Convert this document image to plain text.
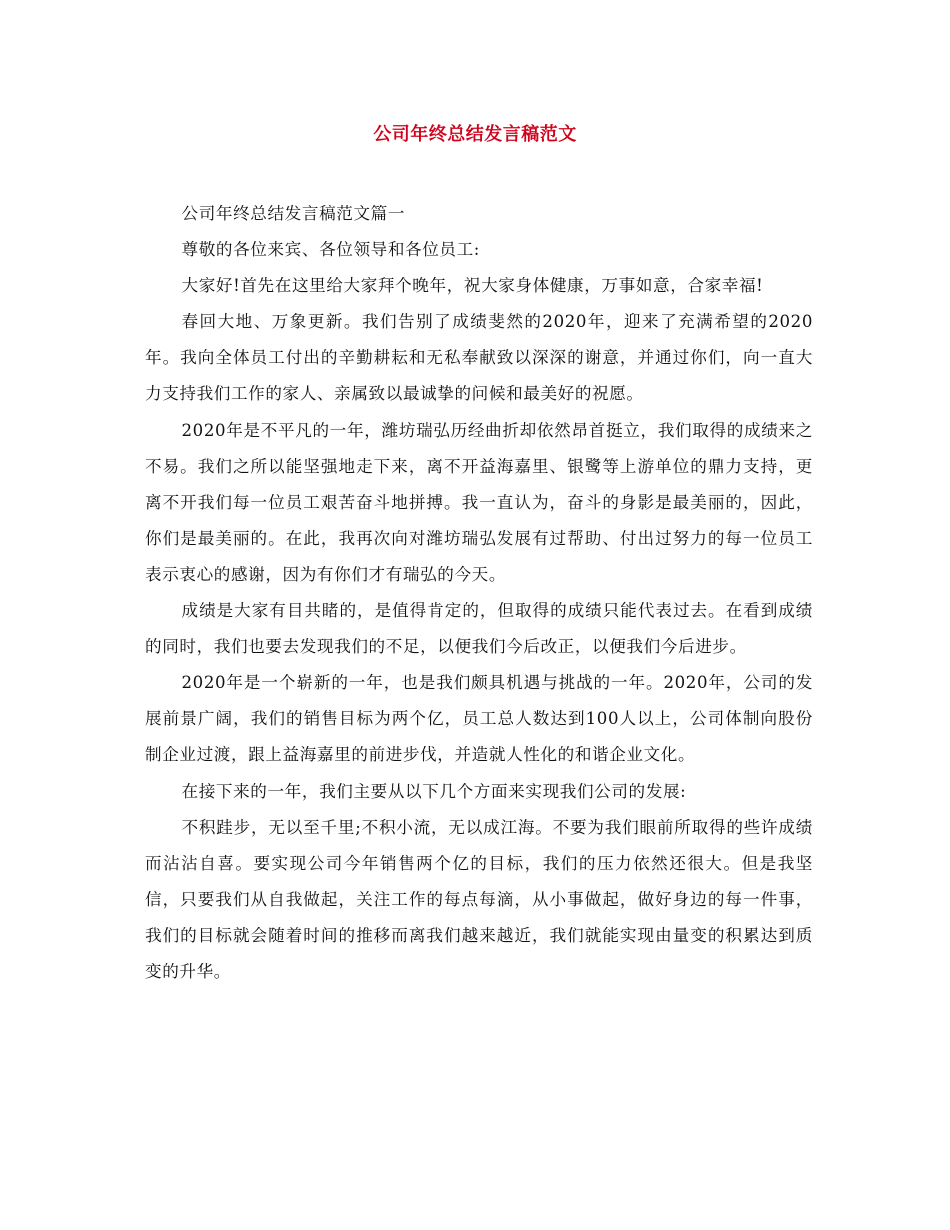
公司年终总结发言稿范文

公司年终总结发言稿范文篇一

尊敬的各位来宾、各位领导和各位员工:

大家好!首先在这里给大家拜个晚年，祝大家身体健康，万事如意，合家幸福!

春回大地、万象更新。我们告别了成绩斐然的2020年，迎来了充满希望的2020年。我向全体员工付出的辛勤耕耘和无私奉献致以深深的谢意，并通过你们，向一直大力支持我们工作的家人、亲属致以最诚挚的问候和最美好的祝愿。

2020年是不平凡的一年，潍坊瑞弘历经曲折却依然昂首挺立，我们取得的成绩来之不易。我们之所以能坚强地走下来，离不开益海嘉里、银鹭等上游单位的鼎力支持，更离不开我们每一位员工艰苦奋斗地拼搏。我一直认为，奋斗的身影是最美丽的，因此，你们是最美丽的。在此，我再次向对潍坊瑞弘发展有过帮助、付出过努力的每一位员工表示衷心的感谢，因为有你们才有瑞弘的今天。

成绩是大家有目共睹的，是值得肯定的，但取得的成绩只能代表过去。在看到成绩的同时，我们也要去发现我们的不足，以便我们今后改正，以便我们今后进步。

2020年是一个崭新的一年，也是我们颇具机遇与挑战的一年。2020年，公司的发展前景广阔，我们的销售目标为两个亿，员工总人数达到100人以上，公司体制向股份制企业过渡，跟上益海嘉里的前进步伐，并造就人性化的和谐企业文化。

在接下来的一年，我们主要从以下几个方面来实现我们公司的发展:

不积跬步，无以至千里;不积小流，无以成江海。不要为我们眼前所取得的些许成绩而沾沾自喜。要实现公司今年销售两个亿的目标，我们的压力依然还很大。但是我坚信，只要我们从自我做起，关注工作的每点每滴，从小事做起，做好身边的每一件事，我们的目标就会随着时间的推移而离我们越来越近，我们就能实现由量变的积累达到质变的升华。
